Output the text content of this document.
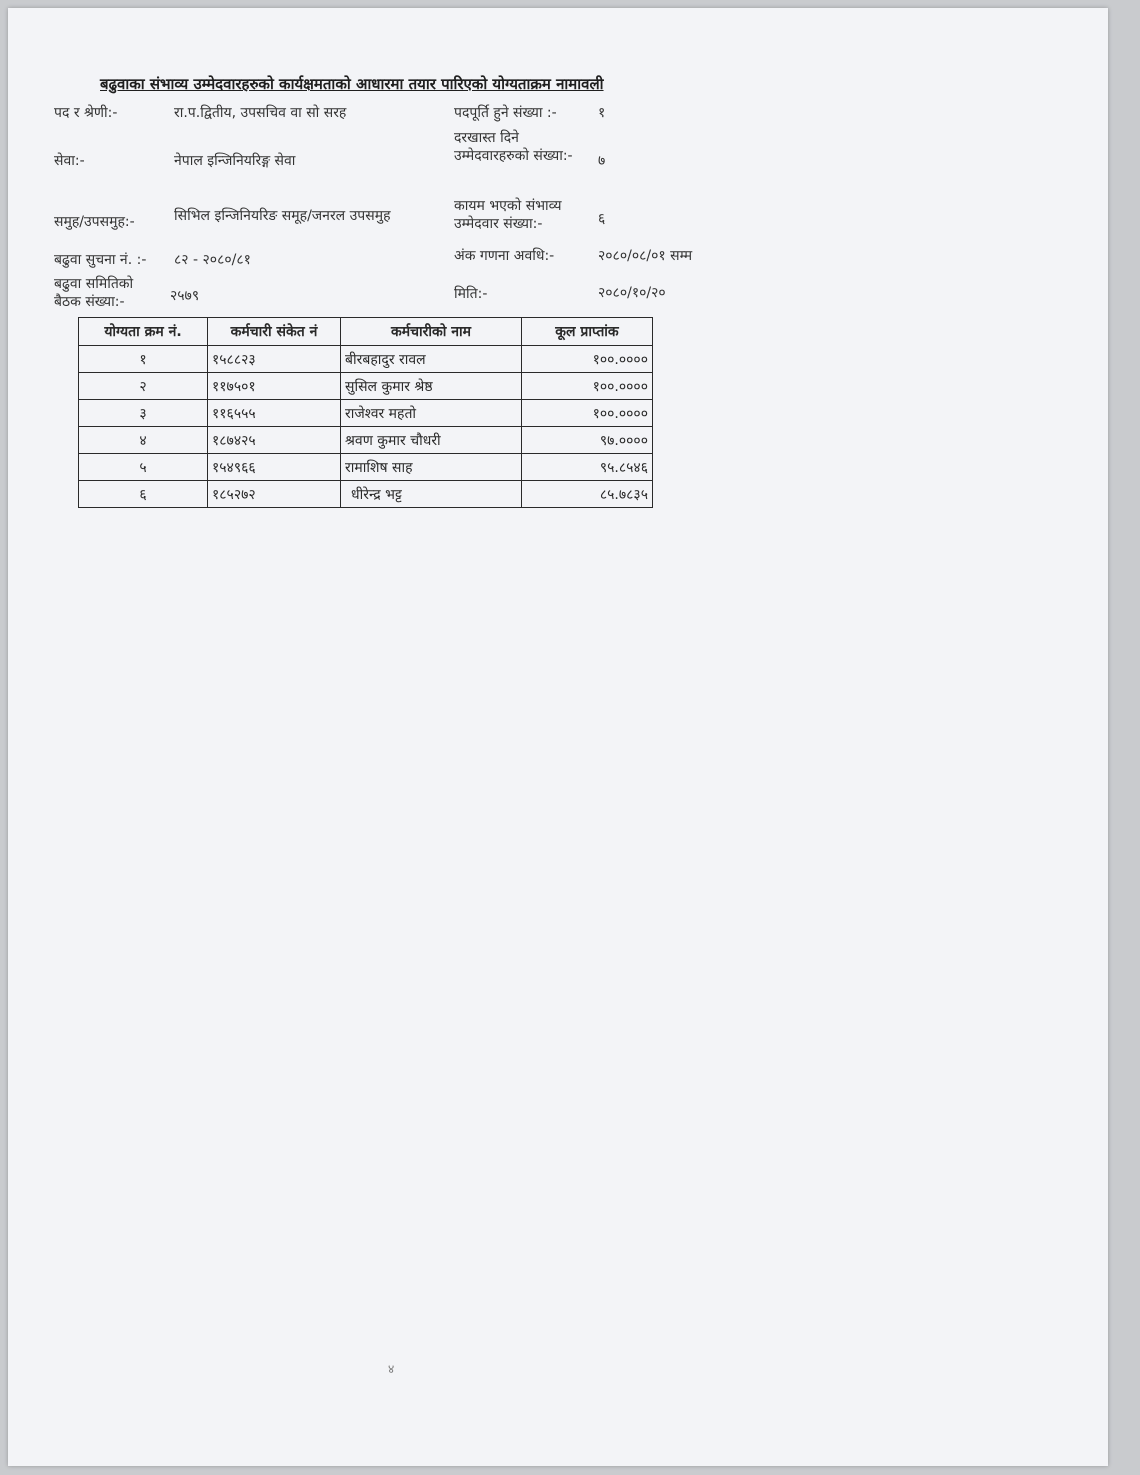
बढुवाका संभाव्य उम्मेदवारहरुको कार्यक्षमताको आधारमा तयार पारिएको योग्यताक्रम नामावली
पद र श्रेणी:-	रा.प.द्वितीय, उपसचिव वा सो सरह	पदपूर्ति हुने संख्या :-	१
सेवा:-	नेपाल इन्जिनियरिङ्ग सेवा
दरखास्त दिने उम्मेदवारहरुको संख्या:- ७
समुह/उपसमुह:-	सिभिल इन्जिनियरिङ समूह/जनरल उपसमुह
कायम भएको संभाव्य उम्मेदवार संख्या:-	६
बढुवा सुचना नं. :- ८२ - २०८०/८१	अंक गणना अवधि:-	२०८०/०८/०१ सम्म
बढुवा समितिको बैठक संख्या:-	२५७९	मिति:-	२०८०/१०/२०
योग्यता क्रम नं.	कर्मचारी संकेत नं	कर्मचारीको नाम	कूल प्राप्तांक
१	१५८८२३	बीरबहादुर रावल	१००.००००
२	११७५०१	सुसिल कुमार श्रेष्ठ	१००.००००
३	११६५५५	राजेश्वर महतो	१००.००००
४	१८७४२५	श्रवण कुमार चौधरी	९७.००००
५	१५४९६६	रामाशिष साह	९५.८५४६
६	१८५२७२	धीरेन्द्र भट्ट	८५.७८३५
४
